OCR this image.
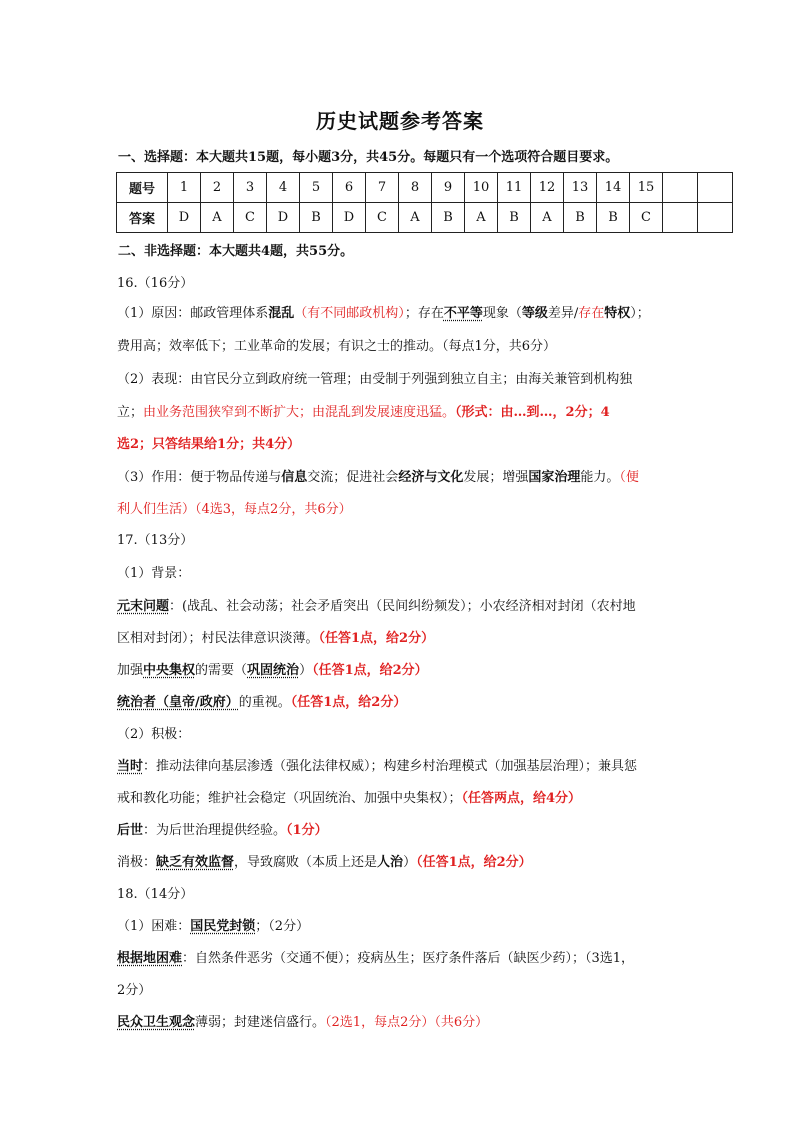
历史试题参考答案
一、选择题：本大题共15题，每小题3分，共45分。每题只有一个选项符合题目要求。
题号	1	2	3	4	5	6	7	8	9	10	11	12	13	14	15		
答案	D	A	C	D	B	D	C	A	B	A	B	A	B	B	C		
二、非选择题：本大题共4题，共55分。
16.（16分）
（1）原因：邮政管理体系混乱（有不同邮政机构）；存在不平等现象（等级差异/存在特权）；
费用高；效率低下；工业革命的发展；有识之士的推动。（每点1分，共6分）
（2）表现：由官民分立到政府统一管理；由受制于列强到独立自主；由海关兼管到机构独
立；由业务范围狭窄到不断扩大；由混乱到发展速度迅猛。（形式：由…到…，2分；4
选2；只答结果给1分；共4分）
（3）作用：便于物品传递与信息交流；促进社会经济与文化发展；增强国家治理能力。（便
利人们生活）（4选3，每点2分，共6分）
17.（13分）
（1）背景：
元末问题：(战乱、社会动荡；社会矛盾突出（民间纠纷频发）；小农经济相对封闭（农村地
区相对封闭）；村民法律意识淡薄。（任答1点，给2分）
加强中央集权的需要（巩固统治）（任答1点，给2分）
统治者（皇帝/政府）的重视。（任答1点，给2分）
（2）积极：
当时：推动法律向基层渗透（强化法律权威）；构建乡村治理模式（加强基层治理）；兼具惩
戒和教化功能；维护社会稳定（巩固统治、加强中央集权）；（任答两点，给4分）
后世：为后世治理提供经验。（1分）
消极：缺乏有效监督，导致腐败（本质上还是人治）（任答1点，给2分）
18.（14分）
（1）困难：国民党封锁；（2分）
根据地困难：自然条件恶劣（交通不便）；疫病丛生；医疗条件落后（缺医少药）；（3选1，
2分）
民众卫生观念薄弱；封建迷信盛行。（2选1，每点2分）（共6分）
